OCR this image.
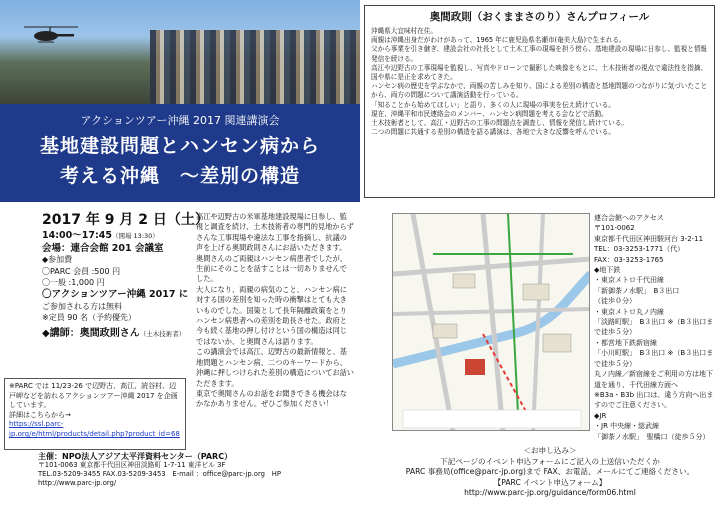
アクションツアー沖縄 2017 関連講演会
基地建設問題とハンセン病から
考える沖縄　～差別の構造
2017 年 9 月 2 日（土）
14:00～17:45（開場 13:30）
会場：連合会館 201 会議室
◆参加費
〇PARC 会員 :500 円
〇一般 :1,000 円
〇アクションツアー沖縄 2017 に
ご参加される方は無料
※定員 90 名（予約優先）
◆講師：奥間政則さん（土木技術者）

高江や辺野古の米軍基地建設現場に日参し、監視と調査を続け、土木技術者の専門的見地からずさんな工事現場や違法な工事を指摘し、抗議の声を上げる奥間政則さんにお話いただきます。

奥間さんのご両親はハンセン病患者でしたが、生前にそのことを話すことは一切ありませんでした。

大人になり、両親の病気のこと、ハンセン病に対する国の差別を知った時の衝撃はとても大きいものでした。国策として長年隔離政策をとりハンセン病患者への差別を助長させた。政府と今も続く基地の押し付けという国の構造は同じではないか、と奥間さんは語ります。

この講演会では高江、辺野古の最新情報と、基地問題とハンセン病、二つのキーワードから、沖縄に押しつけられた差別の構造についてお話いただきます。

東京で奥間さんのお話をお聞きできる機会はなかなかありません。ぜひご参加ください！

※PARC では 11/23-26 で辺野古、高江、読谷村、辺戸岬などを訪れるアクションツアー沖縄 2017 を企画しています。
詳細はこちらから→
https://ssl.parc-jp.org/e/html/products/detail.php?product_id=68
主催：NPO法人アジア太平洋資料センター（PARC）
〒101-0063 東京都千代田区神田淡路町 1-7-11 東洋ビル 3F
TEL.03-5209-3455 FAX.03-5209-3453　E-mail ：office@parc-jp.org　HP http://www.parc-jp.org/
奥間政則（おくままさのり）さんプロフィール

沖縄県大宜味村在住。

両親は沖縄出身だがわけがあって、1965 年に鹿児島県名瀬市(奄美大島)で生まれる。

父から事業を引き継ぎ、建設会社の社長として土木工事の現場を担う傍ら、基地建設の現場に日参し、監視と情報発信を続ける。

高江や辺野古の工事現場を監視し、写真やドローンで撮影した映像をもとに、土木技術者の視点で違法性を指摘、国や県に是正を求めてきた。

ハンセン病の歴史を学ぶなかで、両親の苦しみを知り、国による差別の構造と基地問題のつながりに気づいたことから、両方の問題について講演活動を行っている。

「知ることから始めてほしい」と語り、多くの人に現場の事実を伝え続けている。

現在、沖縄平和市民連絡会のメンバー、ハンセン病問題を考える会などで活動。

土木技術者として、高江・辺野古の工事の問題点を調査し、情報を発信し続けている。

二つの問題に共通する差別の構造を語る講演は、各地で大きな反響を呼んでいる。

連合会館へのアクセス
〒101-0062
東京都千代田区神田駿河台 3-2-11
TEL：03-3253-1771（代）
FAX：03-3253-1765
◆地下鉄
・東京メトロ千代田線
「新御茶ノ水駅」　B３出口
（徒歩０分）
・東京メトロ丸ノ内線
「淡路町駅」　B３出口 ※（B３出口まで徒歩５分）
・都営地下鉄新宿線
「小川町駅」　B３出口 ※（B３出口まで徒歩５分）
丸ノ内線／新宿線をご利用の方は地下道を通り、千代田線方面へ
※B3a・B3b 出口は、違う方向へ出ますのでご注意ください。
◆JR
・JR 中央線・総武線
「御茶ノ水駅」　聖橋口（徒歩５分）
＜お申し込み＞
下記ページのイベント申込フォームにご記入の上送信いただくか
PARC 事務局(office@parc-jp.org)まで FAX、お電話、メールにてご連絡ください。
【PARC イベント申込フォーム】
http://www.parc-jp.org/guidance/form06.html
